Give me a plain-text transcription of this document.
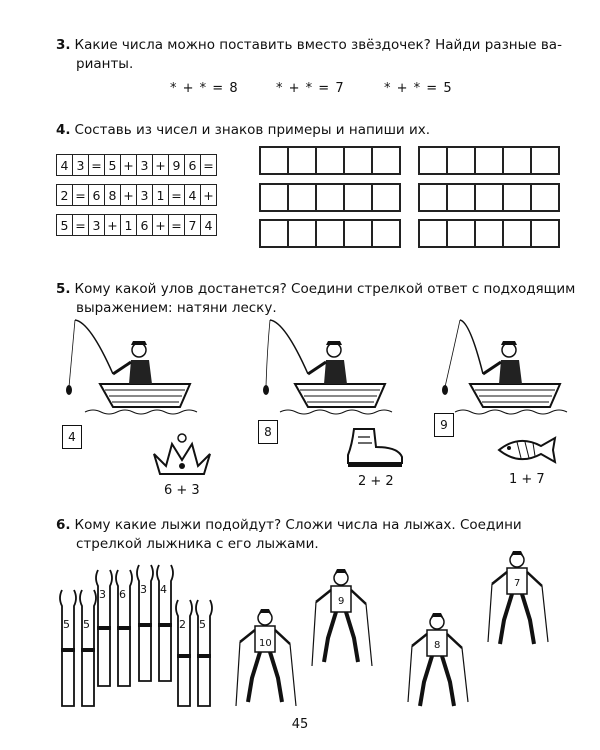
3. Какие числа можно поставить вместо звёздочек? Найди разные ва-
рианты.
* + * = 8	* + * = 7	* + * = 5
4. Составь из чисел и знаков примеры и напиши их.
4	3	=	5	+	3	+	9	6	=

2	=	6	8	+	3	1	=	4	+

5	=	3	+	1	6	+	=	7	4

5. Кому какой улов достанется? Соедини стрелкой ответ с подходящим
выражением: натяни леску.
4	8	9
6 + 3
2 + 2	1 + 7
6. Кому какие лыжи подойдут? Сложи числа на лыжах. Соедини
стрелкой лыжника с его лыжами.
5 5
3 6 3 4
2 5
10
9
8
7
45
